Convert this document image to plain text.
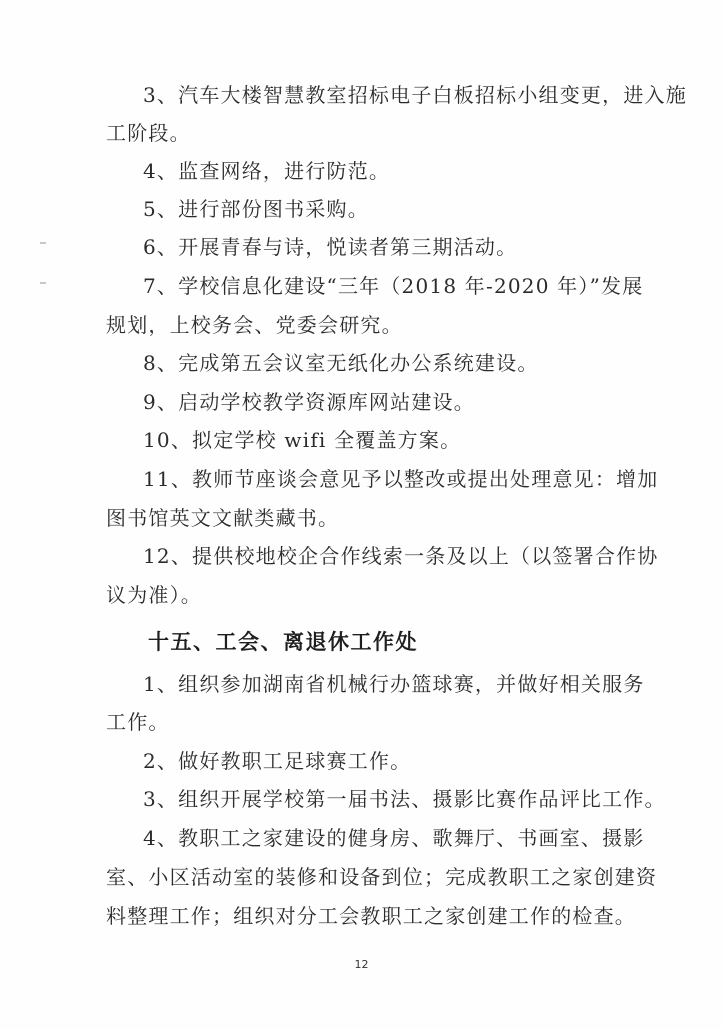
3、汽车大楼智慧教室招标电子白板招标小组变更，进入施
工阶段。
4、监查网络，进行防范。
5、进行部份图书采购。
6、开展青春与诗，悦读者第三期活动。
7、学校信息化建设“三年（2018 年-2020 年）”发展
规划，上校务会、党委会研究。
8、完成第五会议室无纸化办公系统建设。
9、启动学校教学资源库网站建设。
10、拟定学校 wifi 全覆盖方案。
11、教师节座谈会意见予以整改或提出处理意见：增加
图书馆英文文献类藏书。
12、提供校地校企合作线索一条及以上（以签署合作协
议为准）。
十五、工会、离退休工作处
1、组织参加湖南省机械行办篮球赛，并做好相关服务
工作。
2、做好教职工足球赛工作。
3、组织开展学校第一届书法、摄影比赛作品评比工作。
4、教职工之家建设的健身房、歌舞厅、书画室、摄影
室、小区活动室的装修和设备到位；完成教职工之家创建资
料整理工作；组织对分工会教职工之家创建工作的检查。
12
